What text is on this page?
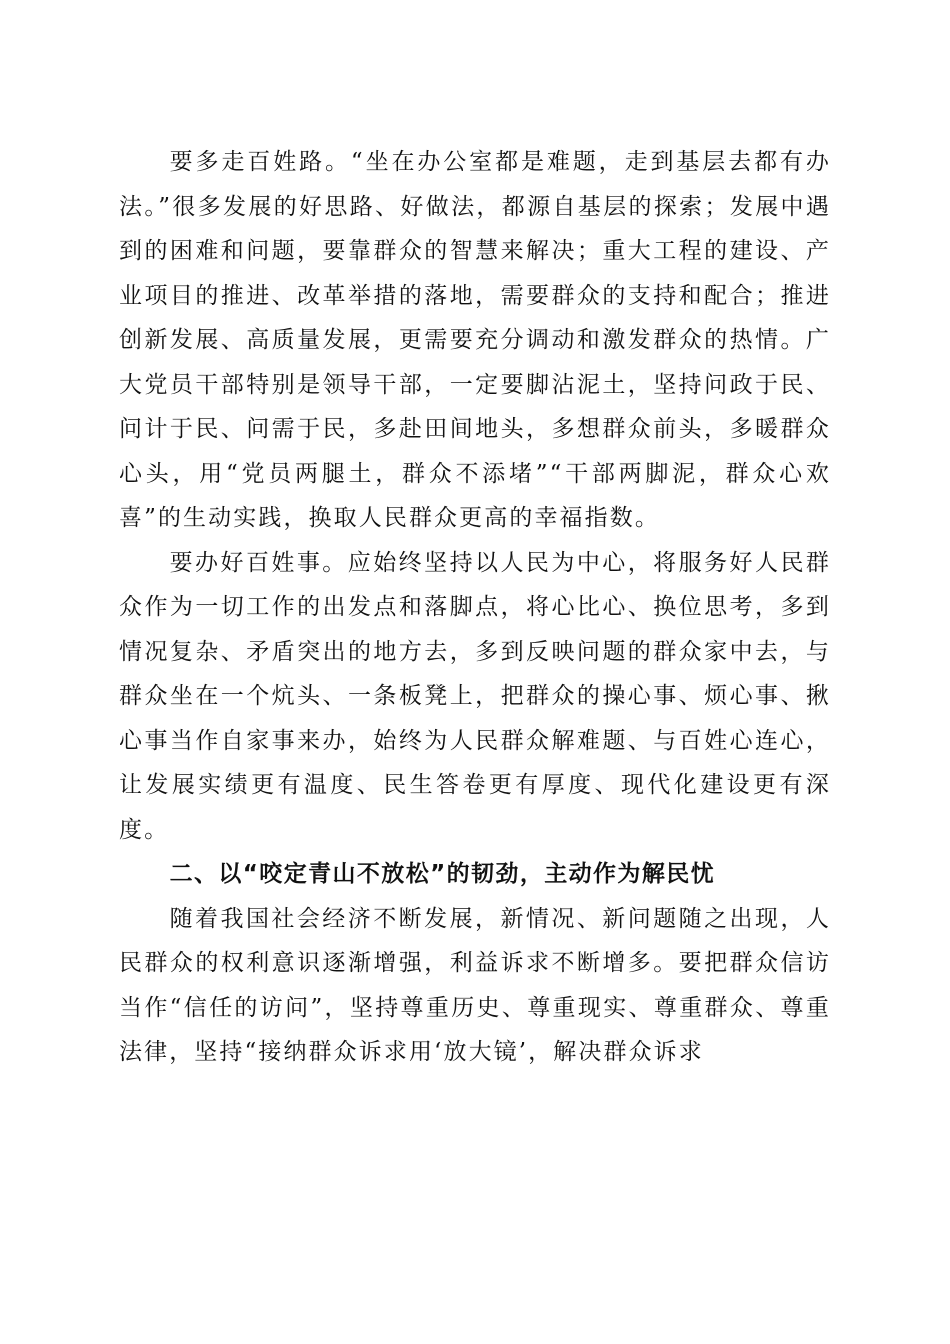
要多走百姓路。“坐在办公室都是难题，走到基层去都有办法。”很多发展的好思路、好做法，都源自基层的探索；发展中遇到的困难和问题，要靠群众的智慧来解决；重大工程的建设、产业项目的推进、改革举措的落地，需要群众的支持和配合；推进创新发展、高质量发展，更需要充分调动和激发群众的热情。广大党员干部特别是领导干部，一定要脚沾泥土，坚持问政于民、问计于民、问需于民，多赴田间地头，多想群众前头，多暖群众心头，用“党员两腿土，群众不添堵”“干部两脚泥，群众心欢喜”的生动实践，换取人民群众更高的幸福指数。

要办好百姓事。应始终坚持以人民为中心，将服务好人民群众作为一切工作的出发点和落脚点，将心比心、换位思考，多到情况复杂、矛盾突出的地方去，多到反映问题的群众家中去，与群众坐在一个炕头、一条板凳上，把群众的操心事、烦心事、揪心事当作自家事来办，始终为人民群众解难题、与百姓心连心，让发展实绩更有温度、民生答卷更有厚度、现代化建设更有深度。

二、以“咬定青山不放松”的韧劲，主动作为解民忧

随着我国社会经济不断发展，新情况、新问题随之出现，人民群众的权利意识逐渐增强，利益诉求不断增多。要把群众信访当作“信任的访问”，坚持尊重历史、尊重现实、尊重群众、尊重法律，坚持“接纳群众诉求用‘放大镜’，解决群众诉求
